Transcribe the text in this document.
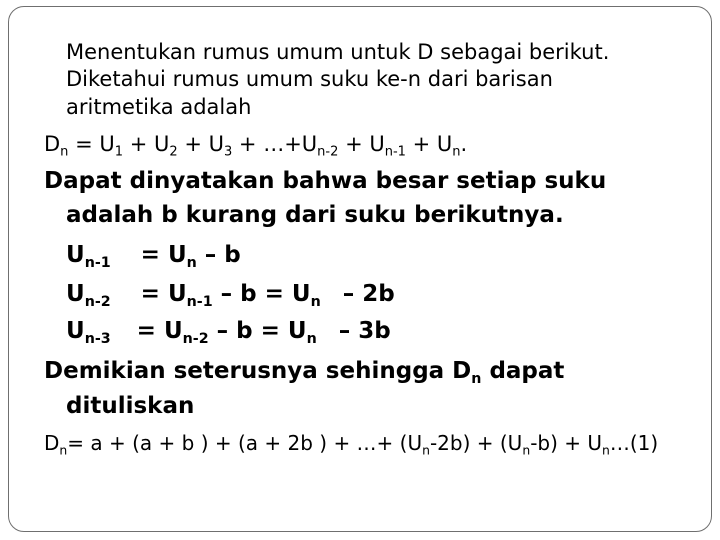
Menentukan rumus umum untuk D sebagai berikut.
Diketahui rumus umum suku ke-n dari barisan
aritmetika adalah
$D_n = U_1 + U_2 + U_3$ + $\dots+U_{n-2} + U_{n-1} + U_n$.
Dapat dinyatakan bahwa besar setiap suku
adalah b kurang dari suku berikutnya.
$U_{n-1} = U_n - b$
$U_{n-2} = U_{n-1} - b = U_n - 2b$
$U_{n-3} = U_{n-2} - b = U_n - 3b$
Demikian seterusnya sehingga $D_n$ dapat
dituliskan
$D_n= a + (a + b$ ) + (a + 2b ) + …+ $(U_n-2b) + (U_n-b)$ + $U_n\dots(1)$
